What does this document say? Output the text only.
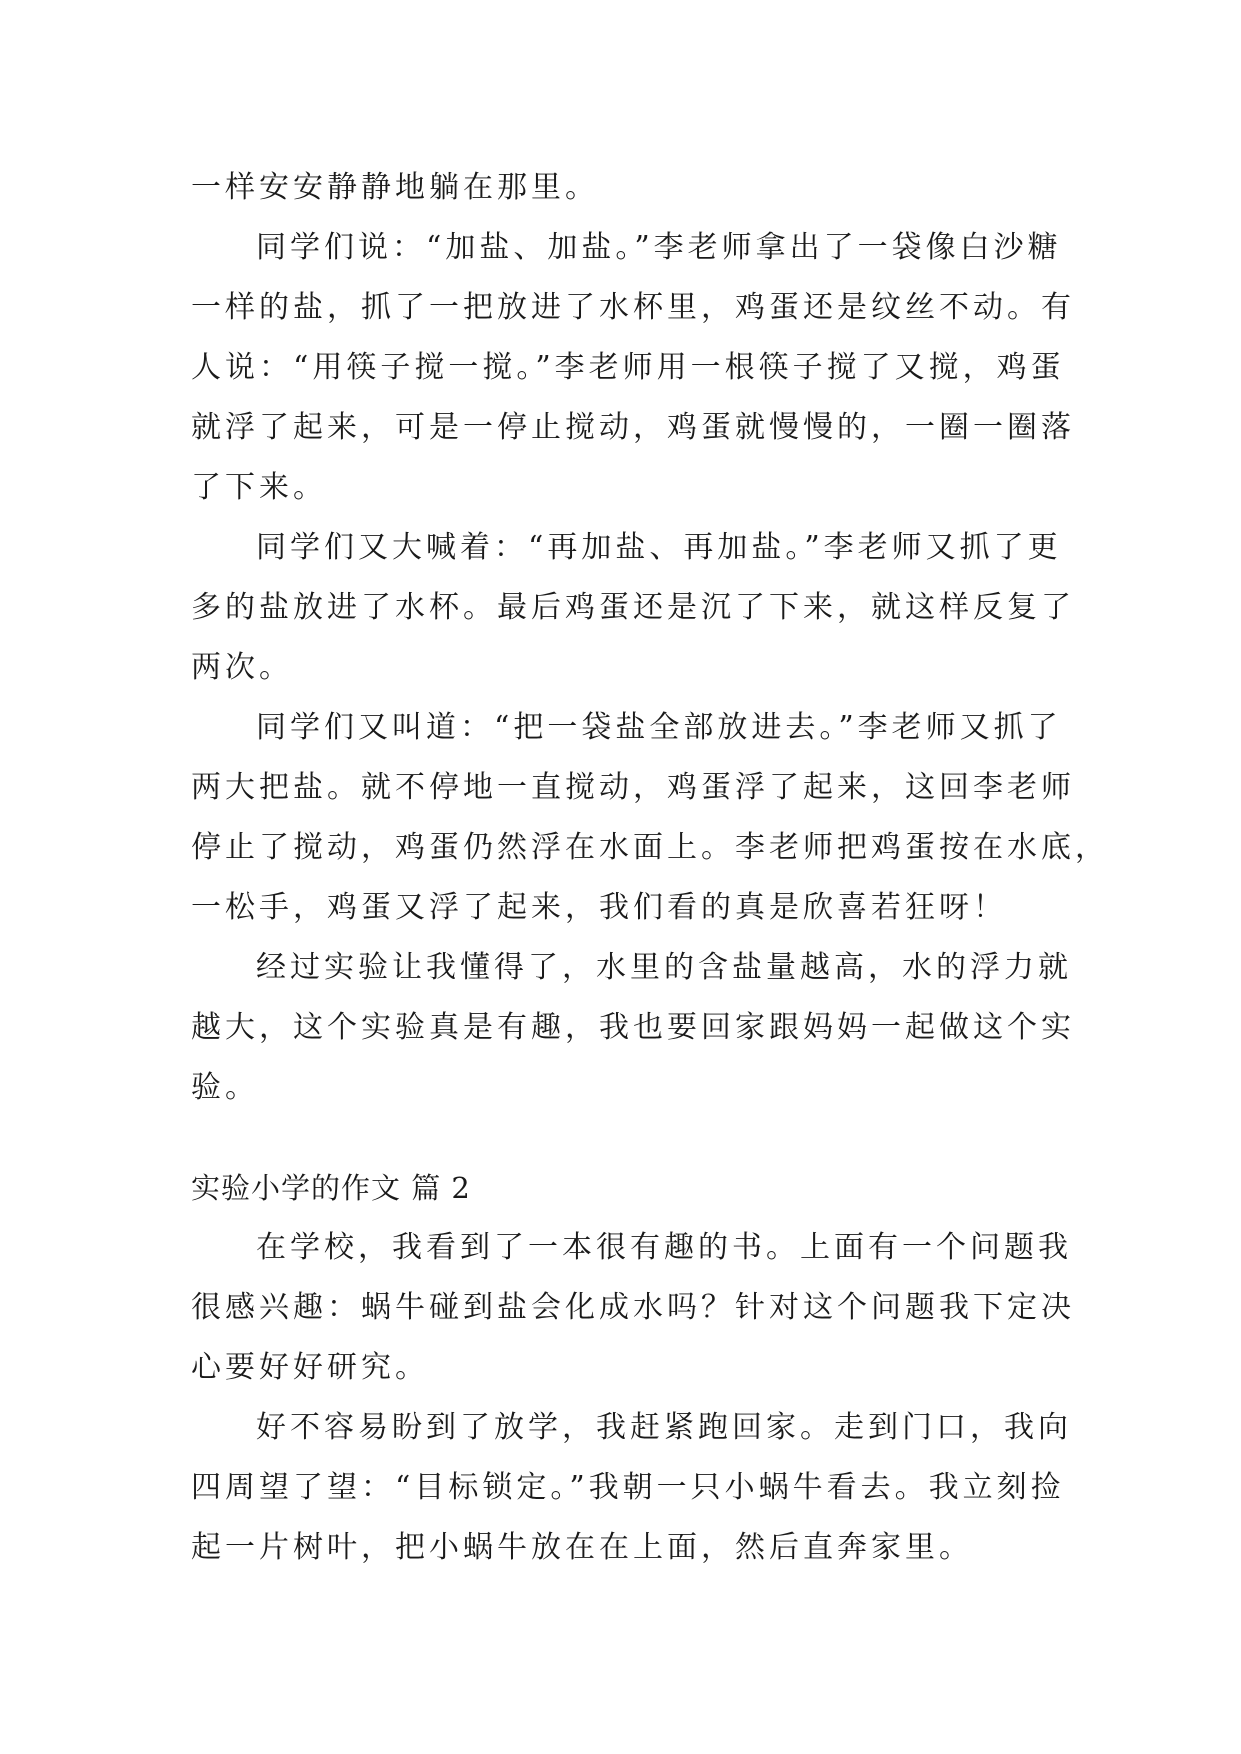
一样安安静静地躺在那里。
同学们说：“加盐、加盐。”李老师拿出了一袋像白沙糖
一样的盐，抓了一把放进了水杯里，鸡蛋还是纹丝不动。有
人说：“用筷子搅一搅。”李老师用一根筷子搅了又搅，鸡蛋
就浮了起来，可是一停止搅动，鸡蛋就慢慢的，一圈一圈落
了下来。
同学们又大喊着：“再加盐、再加盐。”李老师又抓了更
多的盐放进了水杯。最后鸡蛋还是沉了下来，就这样反复了
两次。
同学们又叫道：“把一袋盐全部放进去。”李老师又抓了
两大把盐。就不停地一直搅动，鸡蛋浮了起来，这回李老师
停止了搅动，鸡蛋仍然浮在水面上。李老师把鸡蛋按在水底，
一松手，鸡蛋又浮了起来，我们看的真是欣喜若狂呀！
经过实验让我懂得了，水里的含盐量越高，水的浮力就
越大，这个实验真是有趣，我也要回家跟妈妈一起做这个实
验。
实验小学的作文 篇 2
在学校，我看到了一本很有趣的书。上面有一个问题我
很感兴趣：蜗牛碰到盐会化成水吗？针对这个问题我下定决
心要好好研究。
好不容易盼到了放学，我赶紧跑回家。走到门口，我向
四周望了望：“目标锁定。”我朝一只小蜗牛看去。我立刻捡
起一片树叶，把小蜗牛放在在上面，然后直奔家里。
